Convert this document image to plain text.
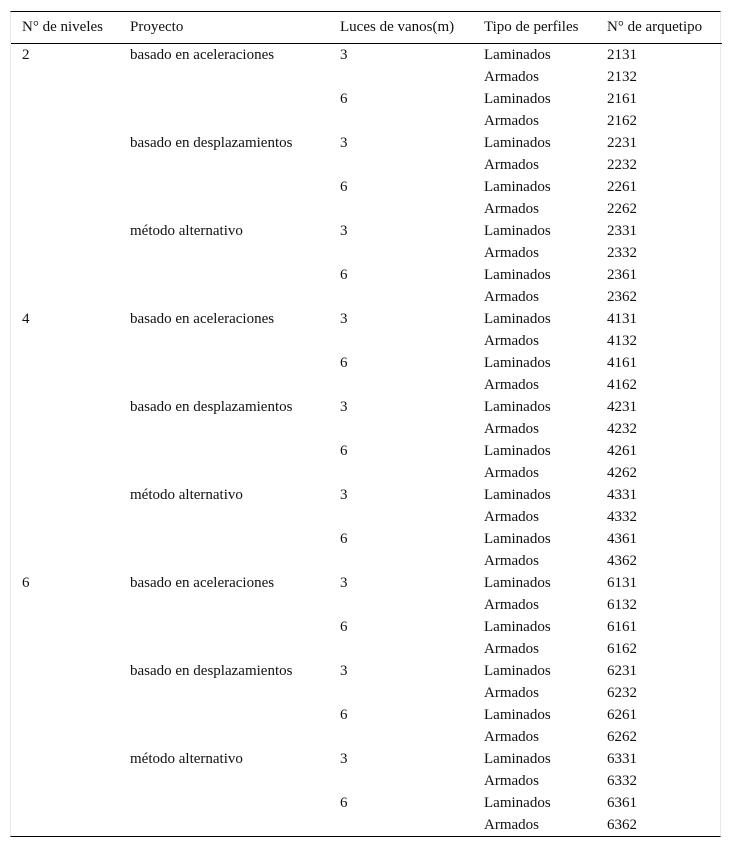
N° de niveles	Proyecto	Luces de vanos(m)	Tipo de perfiles	N° de arquetipo
2	basado en aceleraciones	3	Laminados	2131
			Armados	2132
		6	Laminados	2161
			Armados	2162
	basado en desplazamientos	3	Laminados	2231
			Armados	2232
		6	Laminados	2261
			Armados	2262
	método alternativo	3	Laminados	2331
			Armados	2332
		6	Laminados	2361
			Armados	2362
4	basado en aceleraciones	3	Laminados	4131
			Armados	4132
		6	Laminados	4161
			Armados	4162
	basado en desplazamientos	3	Laminados	4231
			Armados	4232
		6	Laminados	4261
			Armados	4262
	método alternativo	3	Laminados	4331
			Armados	4332
		6	Laminados	4361
			Armados	4362
6	basado en aceleraciones	3	Laminados	6131
			Armados	6132
		6	Laminados	6161
			Armados	6162
	basado en desplazamientos	3	Laminados	6231
			Armados	6232
		6	Laminados	6261
			Armados	6262
	método alternativo	3	Laminados	6331
			Armados	6332
		6	Laminados	6361
			Armados	6362
